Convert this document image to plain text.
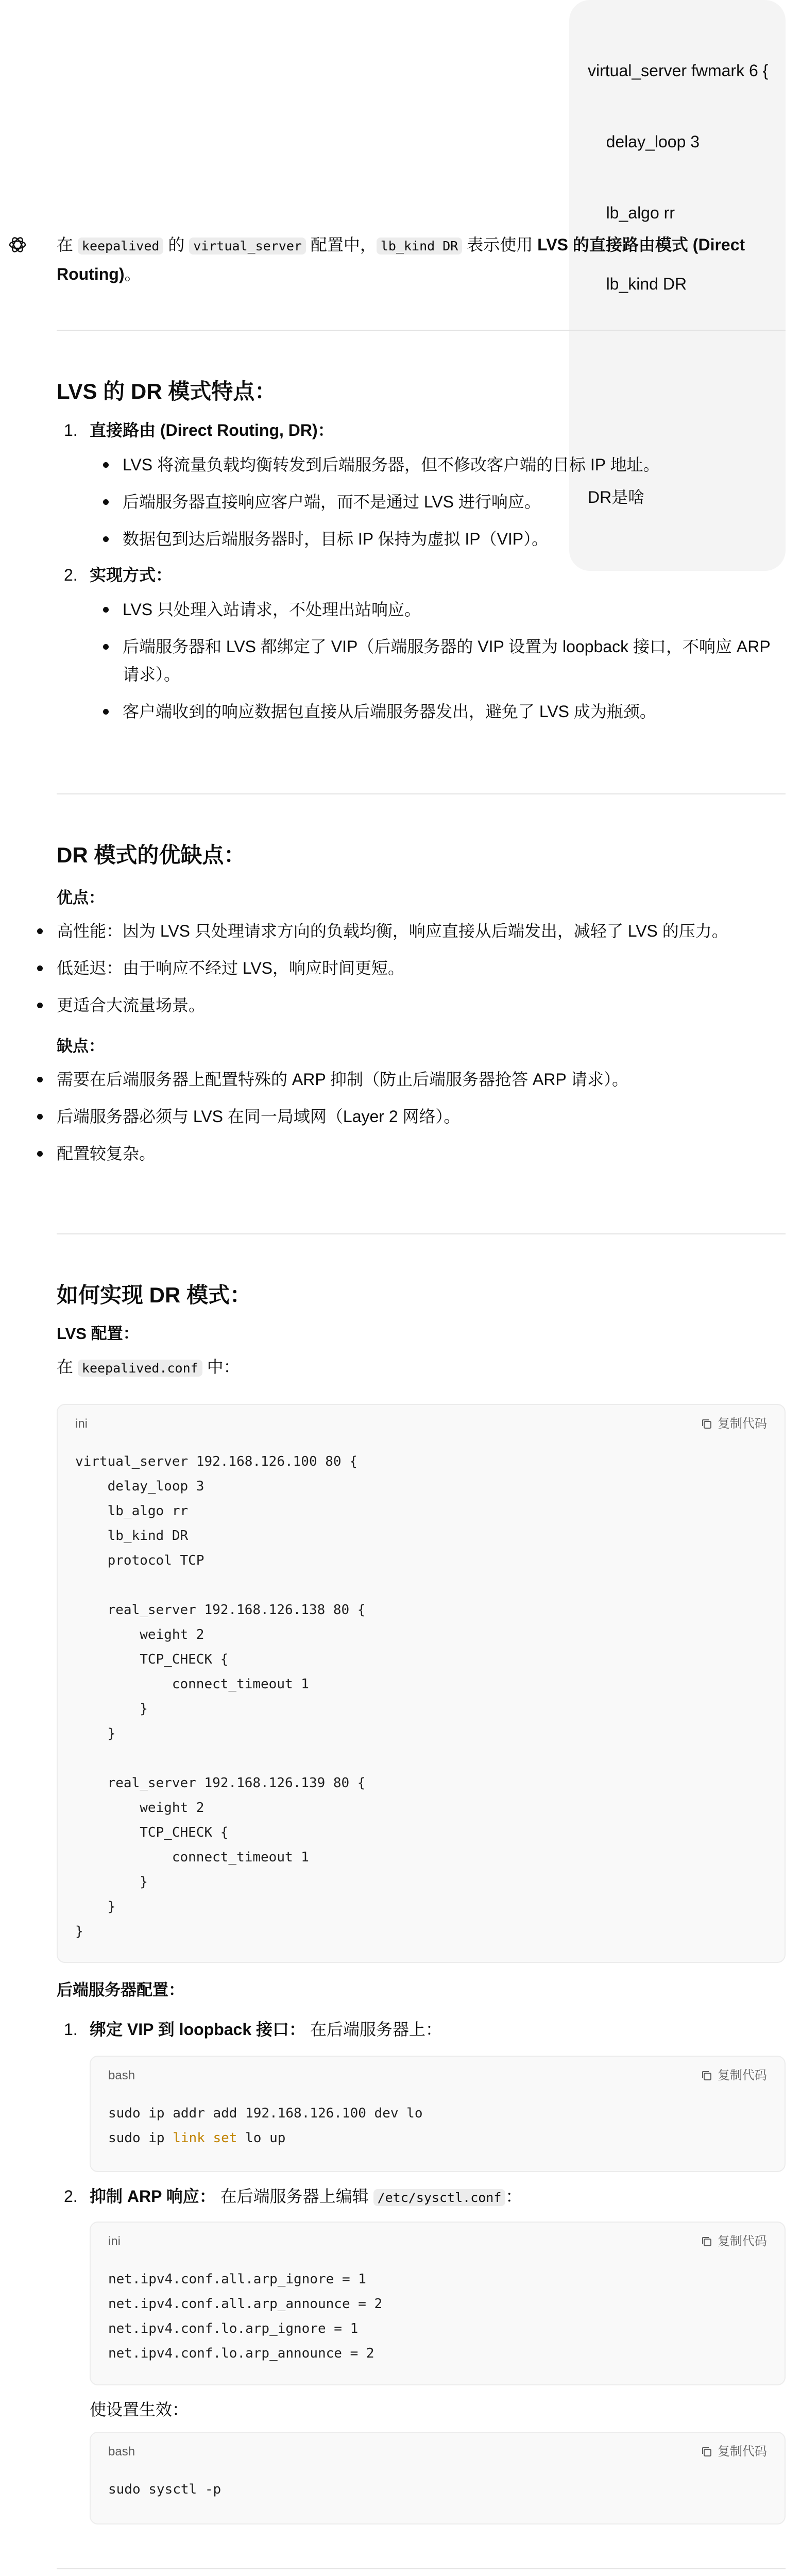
virtual_server fwmark 6 {

delay_loop 3

lb_algo rr

lb_kind DR

DR是啥

在 keepalived 的 virtual_server 配置中， lb_kind DR 表示使用 LVS 的直接路由模式 (Direct Routing)。
LVS 的 DR 模式特点：
1. 直接路由 (Direct Routing, DR)：
LVS 将流量负载均衡转发到后端服务器，但不修改客户端的目标 IP 地址。
后端服务器直接响应客户端，而不是通过 LVS 进行响应。
数据包到达后端服务器时，目标 IP 保持为虚拟 IP（VIP）。
2. 实现方式：
LVS 只处理入站请求，不处理出站响应。
后端服务器和 LVS 都绑定了 VIP（后端服务器的 VIP 设置为 loopback 接口，不响应 ARP 请求）。
客户端收到的响应数据包直接从后端服务器发出，避免了 LVS 成为瓶颈。
DR 模式的优缺点：
优点：
高性能：因为 LVS 只处理请求方向的负载均衡，响应直接从后端发出，减轻了 LVS 的压力。
低延迟：由于响应不经过 LVS，响应时间更短。
更适合大流量场景。
缺点：
需要在后端服务器上配置特殊的 ARP 抑制（防止后端服务器抢答 ARP 请求）。
后端服务器必须与 LVS 在同一局域网（Layer 2 网络）。
配置较复杂。
如何实现 DR 模式：
LVS 配置：
在 keepalived.conf 中：
ini	复制代码
virtual_server 192.168.126.100 80 {
delay_loop 3
lb_algo rr
lb_kind DR
protocol TCP

real_server 192.168.126.138 80 {
weight 2
TCP_CHECK {
connect_timeout 1
}
}

real_server 192.168.126.139 80 {
weight 2
TCP_CHECK {
connect_timeout 1
}
}
}
后端服务器配置：
1. 绑定 VIP 到 loopback 接口： 在后端服务器上：
bash	复制代码
sudo ip addr add 192.168.126.100 dev lo
sudo ip link set lo up
2. 抑制 ARP 响应： 在后端服务器上编辑 /etc/sysctl.conf ：
ini	复制代码
net.ipv4.conf.all.arp_ignore = 1
net.ipv4.conf.all.arp_announce = 2
net.ipv4.conf.lo.arp_ignore = 1
net.ipv4.conf.lo.arp_announce = 2
使设置生效：
bash	复制代码
sudo sysctl -p
